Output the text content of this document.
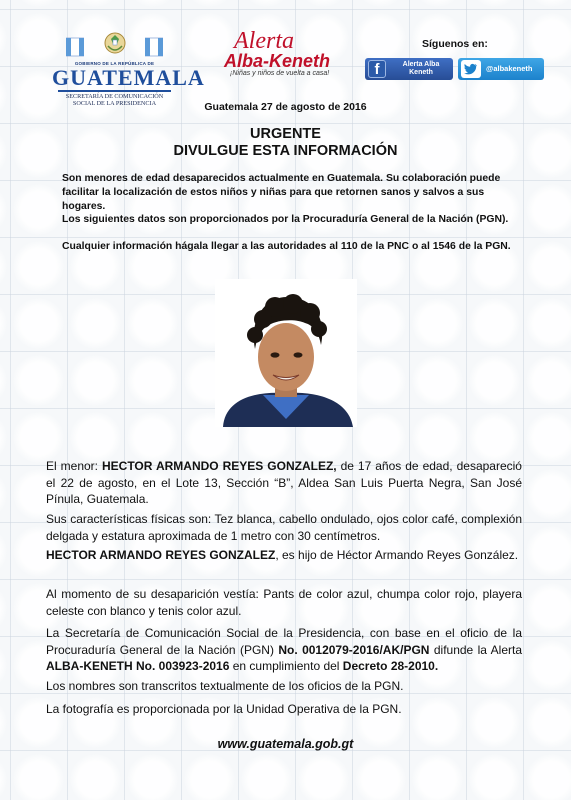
GOBIERNO DE LA REPÚBLICA DE
GUATEMALA
SECRETARÍA DE COMUNICACIÓN
SOCIAL DE LA PRESIDENCIA
Alerta
Alba-Keneth
¡Niñas y niños de vuelta a casa!
Síguenos en:
f	Alerta Alba Keneth	@albakeneth
Guatemala 27 de agosto de 2016
URGENTE
DIVULGUE ESTA INFORMACIÓN
Son menores de edad desaparecidos actualmente en Guatemala. Su colaboración puede facilitar la localización de estos niños y niñas para que retornen sanos y salvos a sus hogares.
Los siguientes datos son proporcionados por la Procuraduría General de la Nación (PGN).
Cualquier información hágala llegar a las autoridades al 110 de la PNC o al 1546 de la PGN.
El menor: HECTOR ARMANDO REYES GONZALEZ, de 17 años de edad, desapareció el 22 de agosto, en el Lote 13, Sección “B”, Aldea San Luis Puerta Negra, San José Pínula, Guatemala.
Sus características físicas son: Tez blanca, cabello ondulado, ojos color café, complexión delgada y estatura aproximada de 1 metro con 30 centímetros.
HECTOR ARMANDO REYES GONZALEZ, es hijo de Héctor Armando Reyes González.
Al momento de su desaparición vestía: Pants de color azul, chumpa color rojo, playera celeste con blanco y tenis color azul.
La Secretaría de Comunicación Social de la Presidencia, con base en el oficio de la Procuraduría General de la Nación (PGN) No. 0012079-2016/AK/PGN difunde la Alerta ALBA-KENETH No. 003923-2016 en cumplimiento del Decreto 28-2010.
Los nombres son transcritos textualmente de los oficios de la PGN.
La fotografía es proporcionada por la Unidad Operativa de la PGN.
www.guatemala.gob.gt
